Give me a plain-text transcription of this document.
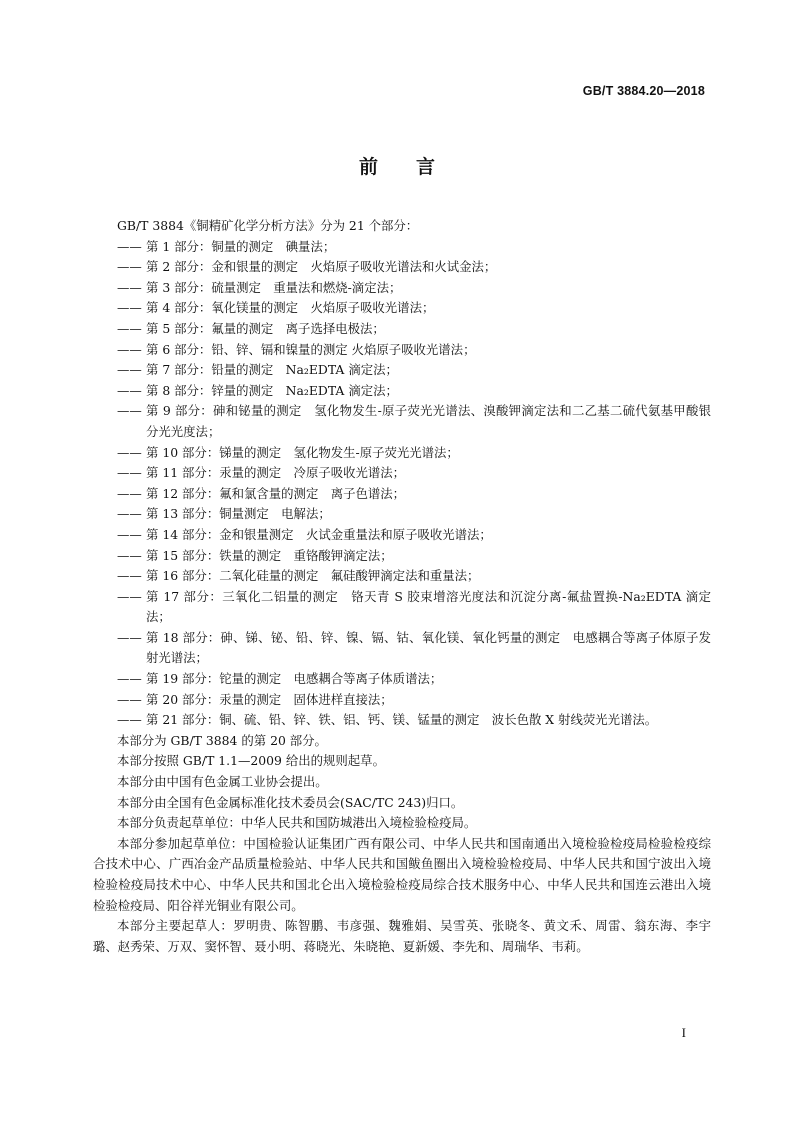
GB/T 3884.20—2018
前 言

GB/T 3884《铜精矿化学分析方法》分为 21 个部分：

—— 第 1 部分：铜量的测定　碘量法；

—— 第 2 部分：金和银量的测定　火焰原子吸收光谱法和火试金法；

—— 第 3 部分：硫量测定　重量法和燃烧-滴定法；

—— 第 4 部分：氧化镁量的测定　火焰原子吸收光谱法；

—— 第 5 部分：氟量的测定　离子选择电极法；

—— 第 6 部分：铅、锌、镉和镍量的测定 火焰原子吸收光谱法；

—— 第 7 部分：铅量的测定　Na₂EDTA 滴定法；

—— 第 8 部分：锌量的测定　Na₂EDTA 滴定法；

—— 第 9 部分：砷和铋量的测定　氢化物发生-原子荧光光谱法、溴酸钾滴定法和二乙基二硫代氨基甲酸银分光光度法；

—— 第 10 部分：锑量的测定　氢化物发生-原子荧光光谱法；

—— 第 11 部分：汞量的测定　冷原子吸收光谱法；

—— 第 12 部分：氟和氯含量的测定　离子色谱法；

—— 第 13 部分：铜量测定　电解法；

—— 第 14 部分：金和银量测定　火试金重量法和原子吸收光谱法；

—— 第 15 部分：铁量的测定　重铬酸钾滴定法；

—— 第 16 部分：二氧化硅量的测定　氟硅酸钾滴定法和重量法；

—— 第 17 部分：三氧化二铝量的测定　铬天青 S 胶束增溶光度法和沉淀分离-氟盐置换-Na₂EDTA 滴定法；

—— 第 18 部分：砷、锑、铋、铅、锌、镍、镉、钴、氧化镁、氧化钙量的测定　电感耦合等离子体原子发射光谱法；

—— 第 19 部分：铊量的测定　电感耦合等离子体质谱法；

—— 第 20 部分：汞量的测定　固体进样直接法；

—— 第 21 部分：铜、硫、铅、锌、铁、铝、钙、镁、锰量的测定　波长色散 X 射线荧光光谱法。

本部分为 GB/T 3884 的第 20 部分。

本部分按照 GB/T 1.1—2009 给出的规则起草。

本部分由中国有色金属工业协会提出。

本部分由全国有色金属标准化技术委员会(SAC/TC 243)归口。

本部分负责起草单位：中华人民共和国防城港出入境检验检疫局。

本部分参加起草单位：中国检验认证集团广西有限公司、中华人民共和国南通出入境检验检疫局检验检疫综合技术中心、广西冶金产品质量检验站、中华人民共和国鲅鱼圈出入境检验检疫局、中华人民共和国宁波出入境检验检疫局技术中心、中华人民共和国北仑出入境检验检疫局综合技术服务中心、中华人民共和国连云港出入境检验检疫局、阳谷祥光铜业有限公司。

本部分主要起草人：罗明贵、陈智鹏、韦彦强、魏雅娟、吴雪英、张晓冬、黄文禾、周雷、翁东海、李宇璐、赵秀荣、万双、窦怀智、聂小明、蒋晓光、朱晓艳、夏新媛、李先和、周瑞华、韦莉。

I
